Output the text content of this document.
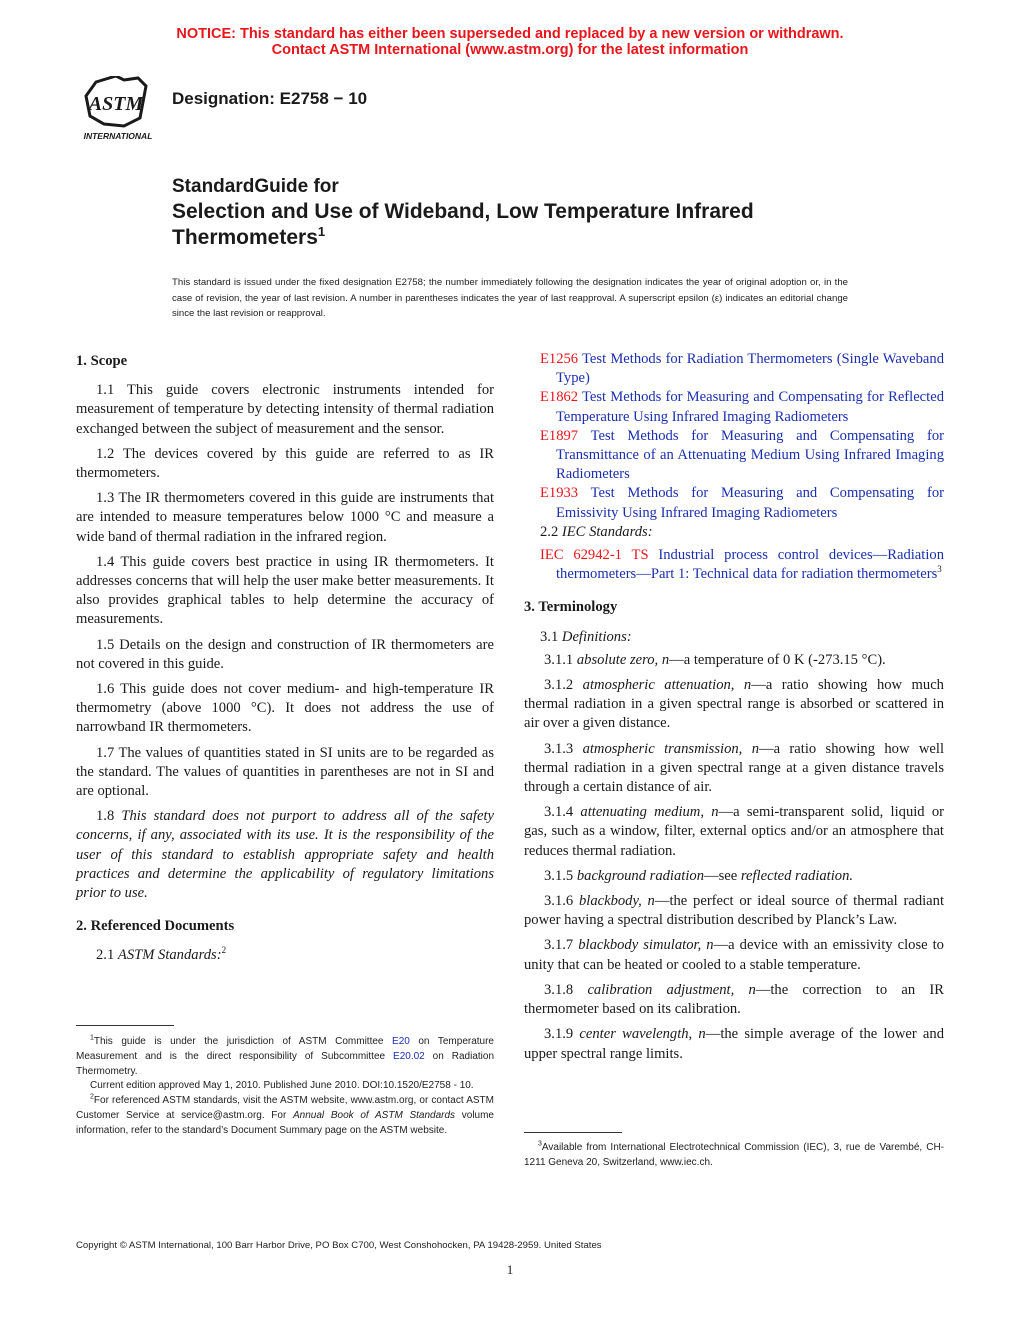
NOTICE: This standard has either been superseded and replaced by a new version or withdrawn.
Contact ASTM International (www.astm.org) for the latest information
ASTM
INTERNATIONAL
Designation: E2758 − 10
StandardGuide for
Selection and Use of Wideband, Low Temperature Infrared
Thermometers$^1$
This standard is issued under the fixed designation E2758; the number immediately following the designation indicates the year of original adoption or, in the case of revision, the year of last revision. A number in parentheses indicates the year of last reapproval. A superscript epsilon (ε) indicates an editorial change since the last revision or reapproval.
1. Scope

1.1 This guide covers electronic instruments intended for measurement of temperature by detecting intensity of thermal radiation exchanged between the subject of measurement and the sensor.

1.2 The devices covered by this guide are referred to as IR thermometers.

1.3 The IR thermometers covered in this guide are instruments that are intended to measure temperatures below 1000 °C and measure a wide band of thermal radiation in the infrared region.

1.4 This guide covers best practice in using IR thermometers. It addresses concerns that will help the user make better measurements. It also provides graphical tables to help determine the accuracy of measurements.

1.5 Details on the design and construction of IR thermometers are not covered in this guide.

1.6 This guide does not cover medium- and high-temperature IR thermometry (above 1000 °C). It does not address the use of narrowband IR thermometers.

1.7 The values of quantities stated in SI units are to be regarded as the standard. The values of quantities in parentheses are not in SI and are optional.

1.8 This standard does not purport to address all of the safety concerns, if any, associated with its use. It is the responsibility of the user of this standard to establish appropriate safety and health practices and determine the applicability of regulatory limitations prior to use.

2. Referenced Documents

2.1 ASTM Standards:$^2$

E1256 Test Methods for Radiation Thermometers (Single Waveband Type)
E1862 Test Methods for Measuring and Compensating for Reflected Temperature Using Infrared Imaging Radiometers
E1897 Test Methods for Measuring and Compensating for Transmittance of an Attenuating Medium Using Infrared Imaging Radiometers
E1933 Test Methods for Measuring and Compensating for Emissivity Using Infrared Imaging Radiometers
2.2 IEC Standards:
IEC 62942-1 TS Industrial process control devices—Radiation thermometers—Part 1: Technical data for radiation thermometers$^3$
3. Terminology
3.1 Definitions:

3.1.1 absolute zero, n—a temperature of 0 K (-273.15 °C).

3.1.2 atmospheric attenuation, n—a ratio showing how much thermal radiation in a given spectral range is absorbed or scattered in air over a given distance.

3.1.3 atmospheric transmission, n—a ratio showing how well thermal radiation in a given spectral range at a given distance travels through a certain distance of air.

3.1.4 attenuating medium, n—a semi-transparent solid, liquid or gas, such as a window, filter, external optics and/or an atmosphere that reduces thermal radiation.

3.1.5 background radiation—see reflected radiation.

3.1.6 blackbody, n—the perfect or ideal source of thermal radiant power having a spectral distribution described by Planck’s Law.

3.1.7 blackbody simulator, n—a device with an emissivity close to unity that can be heated or cooled to a stable temperature.

3.1.8 calibration adjustment, n—the correction to an IR thermometer based on its calibration.

3.1.9 center wavelength, n—the simple average of the lower and upper spectral range limits.

$^1$This guide is under the jurisdiction of ASTM Committee E20 on Temperature Measurement and is the direct responsibility of Subcommittee E20.02 on Radiation Thermometry.

Current edition approved May 1, 2010. Published June 2010. DOI:10.1520/E2758 - 10.

$^2$For referenced ASTM standards, visit the ASTM website, www.astm.org, or contact ASTM Customer Service at service@astm.org. For Annual Book of ASTM Standards volume information, refer to the standard’s Document Summary page on the ASTM website.

$^3$Available from International Electrotechnical Commission (IEC), 3, rue de Varembé, CH-1211 Geneva 20, Switzerland, www.iec.ch.

Copyright © ASTM International, 100 Barr Harbor Drive, PO Box C700, West Conshohocken, PA 19428-2959. United States
1
